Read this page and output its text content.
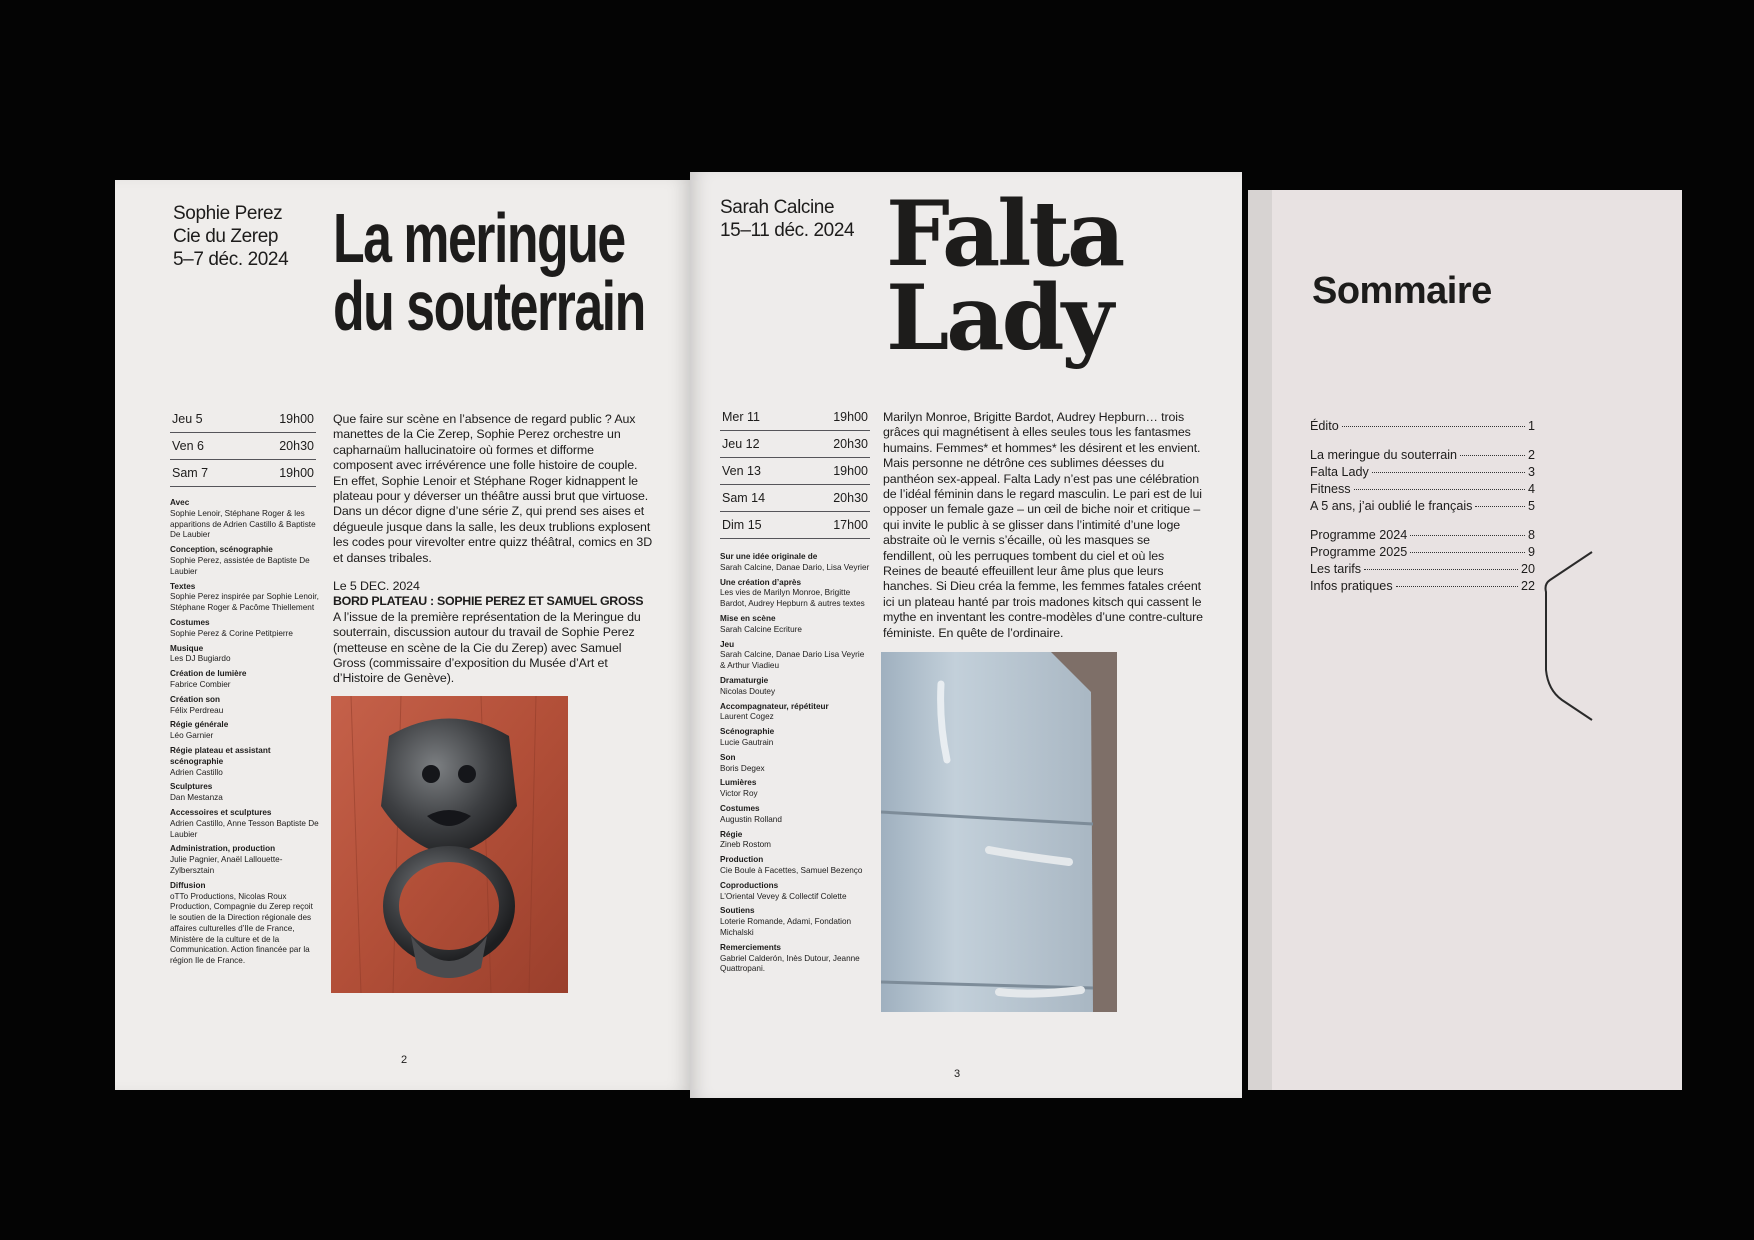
Sophie Perez
Cie du Zerep
5–7 déc. 2024 La meringue
du souterrain
Jeu 5	19h00
Ven 6	20h30
Sam 7	19h00
Avec
Sophie Lenoir, Stéphane Roger & les apparitions de Adrien Castillo & Baptiste De Laubier
Conception, scénographie
Sophie Perez, assistée de Baptiste De Laubier
Textes
Sophie Perez inspirée par Sophie Lenoir, Stéphane Roger & Pacôme Thiellement
Costumes
Sophie Perez & Corine Petitpierre
Musique
Les DJ Bugiardo
Création de lumière
Fabrice Combier
Création son
Félix Perdreau
Régie générale
Léo Garnier
Régie plateau et assistant scénographie
Adrien Castillo
Sculptures
Dan Mestanza
Accessoires et sculptures
Adrien Castillo, Anne Tesson Baptiste De Laubier
Administration, production
Julie Pagnier, Anaël Lallouette-Zylbersztain
Diffusion
oTTo Productions, Nicolas Roux Production, Compagnie du Zerep reçoit le soutien de la Direction régionale des affaires culturelles d’Ile de France, Ministère de la culture et de la Communication. Action financée par la région Ile de France.
Que faire sur scène en l’absence de regard public ? Aux manettes de la Cie Zerep, Sophie Perez orchestre un capharnaüm hallucinatoire où formes et difforme composent avec irrévérence une folle histoire de couple. En effet, Sophie Lenoir et Stéphane Roger kidnappent le plateau pour y déverser un théâtre aussi brut que virtuose. Dans un décor digne d’une série Z, qui prend ses aises et dégueule jusque dans la salle, les deux trublions explosent les codes pour virevolter entre quizz théâtral, comics en 3D et danses tribales.
Le 5 DEC. 2024
BORD PLATEAU : SOPHIE PEREZ ET SAMUEL GROSS
A l’issue de la première représentation de la Meringue du souterrain, discussion autour du travail de Sophie Perez (metteuse en scène de la Cie du Zerep) avec Samuel Gross (commissaire d’exposition du Musée d’Art et d’Histoire de Genève).
2
Sarah Calcine
15–11 déc. 2024 Falta
Lady
Mer 11	19h00
Jeu 12	20h30
Ven 13	19h00
Sam 14	20h30
Dim 15	17h00
Sur une idée originale de
Sarah Calcine, Danae Dario, Lisa Veyrier
Une création d’après
Les vies de Marilyn Monroe, Brigitte Bardot, Audrey Hepburn & autres textes
Mise en scène
Sarah Calcine Ecriture
Jeu
Sarah Calcine, Danae Dario Lisa Veyrie & Arthur Viadieu
Dramaturgie
Nicolas Doutey
Accompagnateur, répétiteur
Laurent Cogez
Scénographie
Lucie Gautrain
Son
Boris Degex
Lumières
Victor Roy
Costumes
Augustin Rolland
Régie
Zineb Rostom
Production
Cie Boule à Facettes, Samuel Bezenço
Coproductions
L’Oriental Vevey & Collectif Colette
Soutiens
Loterie Romande, Adami, Fondation Michalski
Remerciements
Gabriel Calderón, Inès Dutour, Jeanne Quattropani.
Marilyn Monroe, Brigitte Bardot, Audrey Hepburn… trois grâces qui magnétisent à elles seules tous les fantasmes humains. Femmes* et hommes* les désirent et les envient. Mais personne ne détrône ces sublimes déesses du panthéon sex-appeal. Falta Lady n’est pas une célébration de l’idéal féminin dans le regard masculin. Le pari est de lui opposer un female gaze – un œil de biche noir et critique – qui invite le public à se glisser dans l’intimité d’une loge abstraite où le vernis s’écaille, où les masques se fendillent, où les perruques tombent du ciel et où les Reines de beauté effeuillent leur âme plus que leurs hanches. Si Dieu créa la femme, les femmes fatales créent ici un plateau hanté par trois madones kitsch qui cassent le mythe en inventant les contre-modèles d’une contre-culture féministe. En quête de l’ordinaire.
3
Sommaire
Édito	1
La meringue du souterrain	2
Falta Lady	3
Fitness	4
A 5 ans, j’ai oublié le français	5
Programme 2024	8
Programme 2025	9
Les tarifs	20
Infos pratiques	22
